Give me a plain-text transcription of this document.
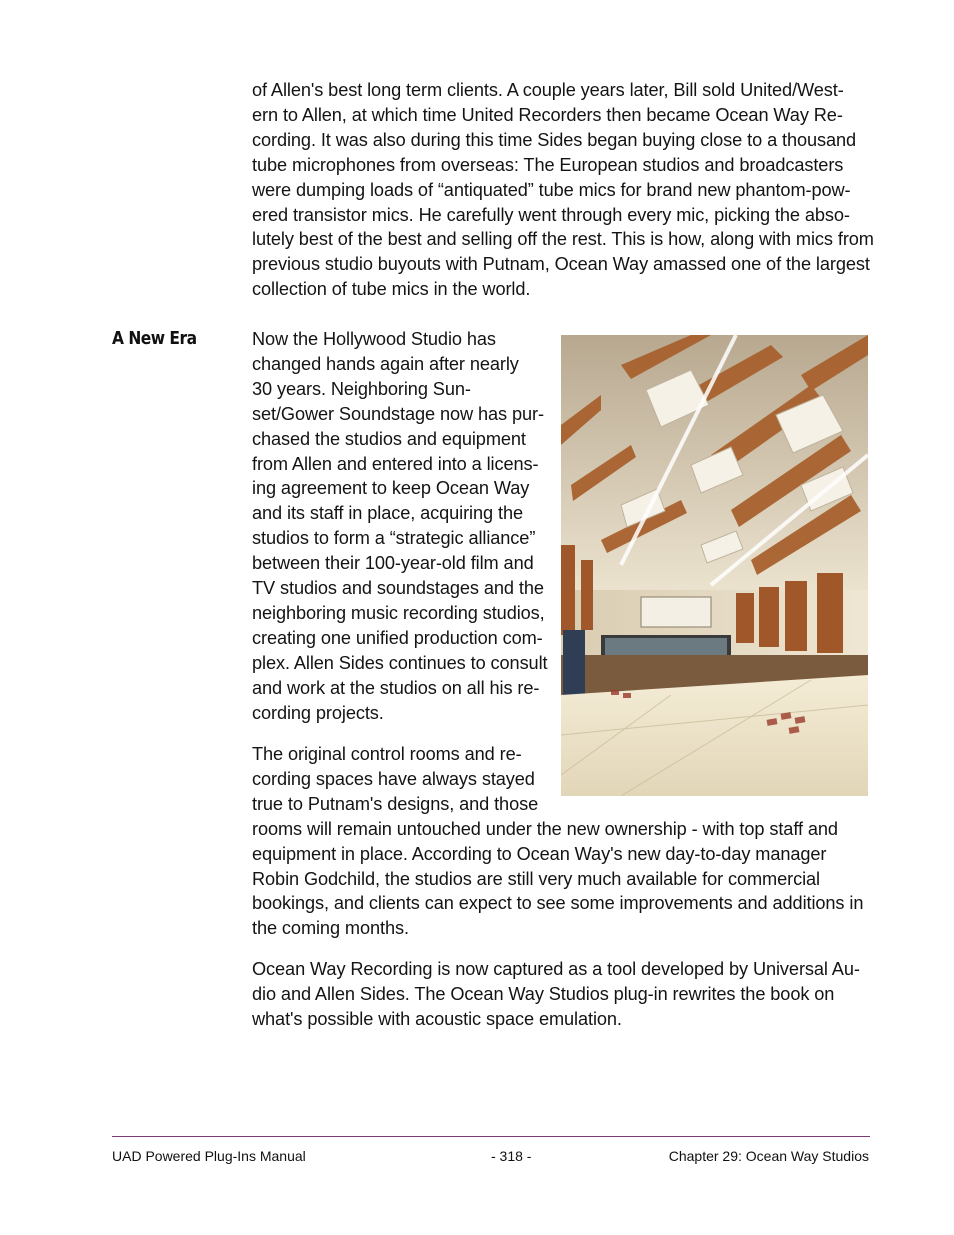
of Allen's best long term clients. A couple years later, Bill sold United/West-
ern to Allen, at which time United Recorders then became Ocean Way Re-
cording. It was also during this time Sides began buying close to a thousand
tube microphones from overseas: The European studios and broadcasters
were dumping loads of “antiquated” tube mics for brand new phantom-pow-
ered transistor mics. He carefully went through every mic, picking the abso-
lutely best of the best and selling off the rest. This is how, along with mics from
previous studio buyouts with Putnam, Ocean Way amassed one of the largest
collection of tube mics in the world.

A New Era	Now the Hollywood Studio has
changed hands again after nearly
30 years. Neighboring Sun-
set/Gower Soundstage now has pur-
chased the studios and equipment
from Allen and entered into a licens-
ing agreement to keep Ocean Way
and its staff in place, acquiring the
studios to form a “strategic alliance”
between their 100-year-old film and
TV studios and soundstages and the
neighboring music recording studios,
creating one unified production com-
plex. Allen Sides continues to consult
and work at the studios on all his re-
cording projects.

The original control rooms and re-
cording spaces have always stayed
true to Putnam's designs, and those
rooms will remain untouched under the new ownership - with top staff and
equipment in place. According to Ocean Way's new day-to-day manager
Robin Godchild, the studios are still very much available for commercial
bookings, and clients can expect to see some improvements and additions in
the coming months.

Ocean Way Recording is now captured as a tool developed by Universal Au-
dio and Allen Sides. The Ocean Way Studios plug-in rewrites the book on
what's possible with acoustic space emulation.

UAD Powered Plug-Ins Manual	- 318 -	Chapter 29: Ocean Way Studios
